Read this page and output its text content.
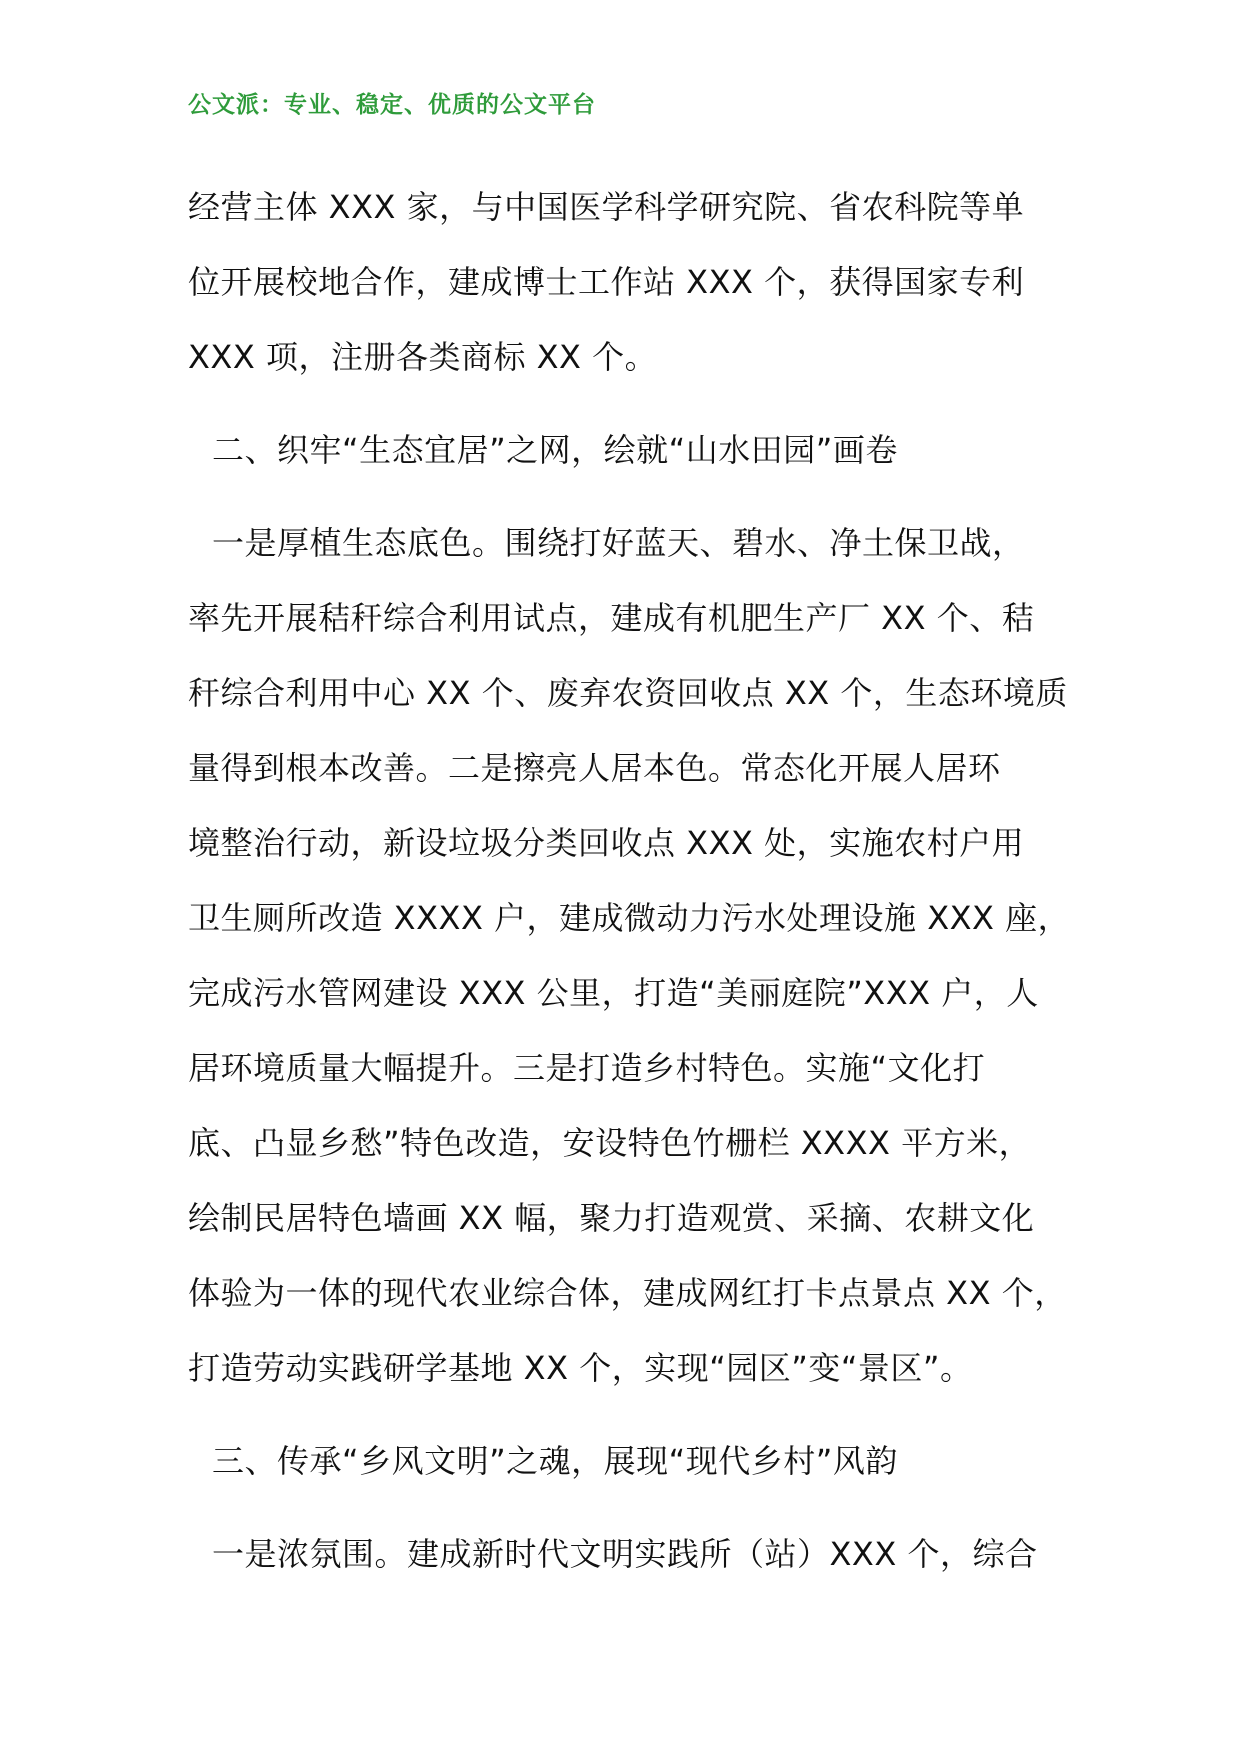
公文派：专业、稳定、优质的公文平台
经营主体 XXX 家，与中国医学科学研究院、省农科院等单
位开展校地合作，建成博士工作站 XXX 个，获得国家专利
XXX 项，注册各类商标 XX 个。
二、织牢“生态宜居”之网，绘就“山水田园”画卷
一是厚植生态底色。围绕打好蓝天、碧水、净土保卫战，
率先开展秸秆综合利用试点，建成有机肥生产厂 XX 个、秸
秆综合利用中心 XX 个、废弃农资回收点 XX 个，生态环境质
量得到根本改善。二是擦亮人居本色。常态化开展人居环
境整治行动，新设垃圾分类回收点 XXX 处，实施农村户用
卫生厕所改造 XXXX 户，建成微动力污水处理设施 XXX 座，
完成污水管网建设 XXX 公里，打造“美丽庭院”XXX 户，人
居环境质量大幅提升。三是打造乡村特色。实施“文化打
底、凸显乡愁”特色改造，安设特色竹栅栏 XXXX 平方米，
绘制民居特色墙画 XX 幅，聚力打造观赏、采摘、农耕文化
体验为一体的现代农业综合体，建成网红打卡点景点 XX 个，
打造劳动实践研学基地 XX 个，实现“园区”变“景区”。
三、传承“乡风文明”之魂，展现“现代乡村”风韵
一是浓氛围。建成新时代文明实践所（站）XXX 个，综合
